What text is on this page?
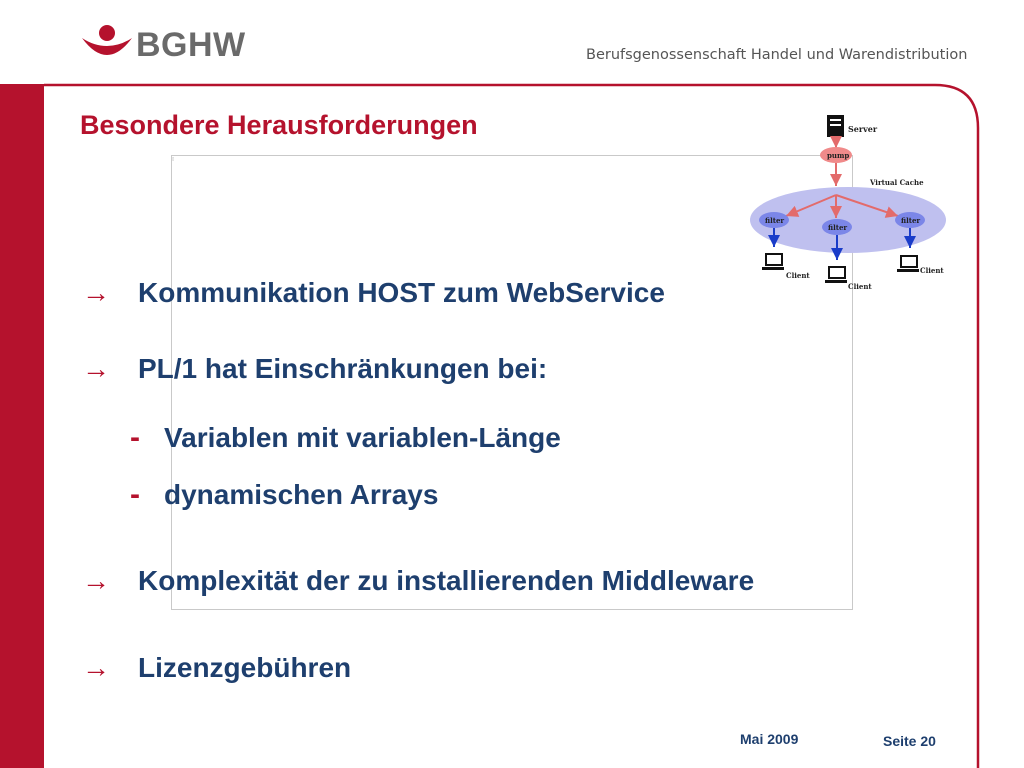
BGHW	Berufsgenossenschaft Handel und Warendistribution
Besondere Herausforderungen
▯
Server
pump
Virtual Cache
filter
filter
filter
Client
Client
Client
→	Kommunikation HOST zum WebService
→	PL/1 hat Einschränkungen bei:
- Variablen mit variablen-Länge
- dynamischen Arrays
→	Komplexität der zu installierenden Middleware
→	Lizenzgebühren
Mai 2009	Seite 20
